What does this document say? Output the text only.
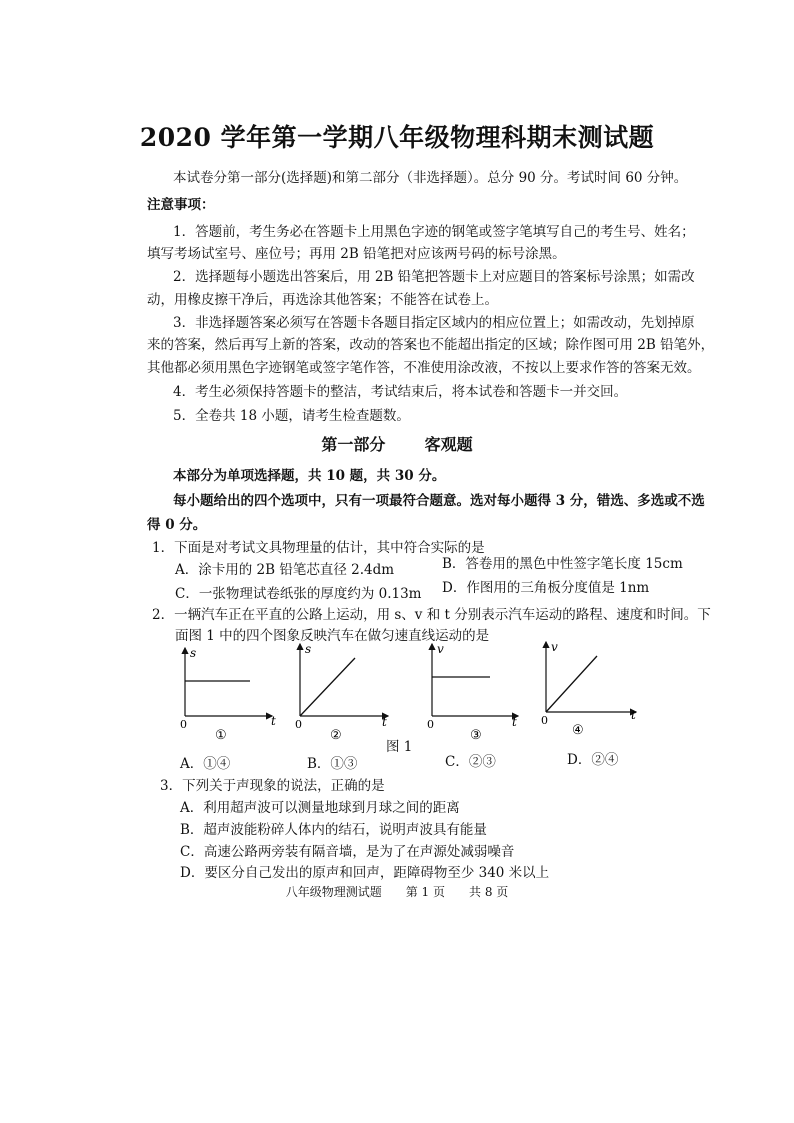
2020 学年第一学期八年级物理科期末测试题
本试卷分第一部分(选择题)和第二部分（非选择题）。总分 90 分。考试时间 60 分钟。
注意事项：
1．答题前，考生务必在答题卡上用黑色字迹的钢笔或签字笔填写自己的考生号、姓名；
填写考场试室号、座位号；再用 2B 铅笔把对应该两号码的标号涂黑。
2．选择题每小题选出答案后，用 2B 铅笔把答题卡上对应题目的答案标号涂黑；如需改
动，用橡皮擦干净后，再选涂其他答案；不能答在试卷上。
3．非选择题答案必须写在答题卡各题目指定区域内的相应位置上；如需改动，先划掉原
来的答案，然后再写上新的答案，改动的答案也不能超出指定的区域；除作图可用 2B 铅笔外，
其他都必须用黑色字迹钢笔或签字笔作答，不准使用涂改液，不按以上要求作答的答案无效。
4．考生必须保持答题卡的整洁，考试结束后，将本试卷和答题卡一并交回。
5．全卷共 18 小题，请考生检查题数。
第一部分 客观题
本部分为单项选择题，共 10 题，共 30 分。
每小题给出的四个选项中，只有一项最符合题意。选对每小题得 3 分，错选、多选或不选
得 0 分。
1．下面是对考试文具物理量的估计，其中符合实际的是
A．涂卡用的 2B 铅笔芯直径 2.4dm	B．答卷用的黑色中性签字笔长度 15cm
C．一张物理试卷纸张的厚度约为 0.13m D．作图用的三角板分度值是 1nm
2．一辆汽车正在平直的公路上运动，用 s、v 和 t 分别表示汽车运动的路程、速度和时间。下
面图 1 中的四个图象反映汽车在做匀速直线运动的是
s
t
0
①
s
t
0
②
v
t
0
③
v
t
0
④
图 1
A．①④	B．①③	C．②③	D．②④
3．下列关于声现象的说法，正确的是
A．利用超声波可以测量地球到月球之间的距离
B．超声波能粉碎人体内的结石，说明声波具有能量
C．高速公路两旁装有隔音墙，是为了在声源处减弱噪音
D．要区分自己发出的原声和回声，距障碍物至少 340 米以上
八年级物理测试题　　第 1 页　　共 8 页
